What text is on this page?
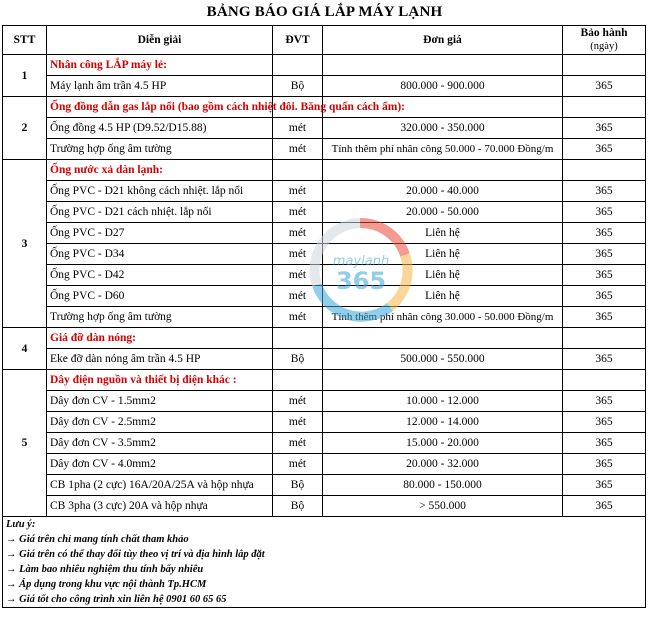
BẢNG BÁO GIÁ LẮP MÁY LẠNH
STT	Diễn giải	ĐVT	Đơn giá	Bảo hành
(ngày)
1	Nhân công LẮP máy lẻ:			
	Máy lạnh âm trần 4.5 HP	Bộ	800.000 - 900.000	365
2	Ống đồng dẫn gas lắp nổi (bao gồm cách nhiệt đôi. Băng quấn cách ẩm):			
	Ống đồng 4.5 HP (D9.52/D15.88)	mét	320.000 - 350.000	365
	Trường hợp ống âm tường	mét	Tính thêm phí nhân công 50.000 - 70.000 Đồng/m	365
3	Ống nước xả dàn lạnh:			
	Ống PVC - D21 không cách nhiệt. lắp nổi	mét	20.000 - 40.000	365
	Ống PVC - D21 cách nhiệt. lắp nổi	mét	20.000 - 50.000	365
	Ống PVC - D27	mét	Liên hệ	365
	Ống PVC - D34	mét	Liên hệ	365
	Ống PVC - D42	mét	Liên hệ	365
	Ống PVC - D60	mét	Liên hệ	365
	Trường hợp ống âm tường	mét	Tính thêm phí nhân công 30.000 - 50.000 Đồng/m	365
4	Giá đỡ dàn nóng:			
	Eke đỡ dàn nóng âm trần 4.5 HP	Bộ	500.000 - 550.000	365
5	Dây điện nguồn và thiết bị điện khác :			
	Dây đơn CV - 1.5mm2	mét	10.000 - 12.000	365
	Dây đơn CV - 2.5mm2	mét	12.000 - 14.000	365
	Dây đơn CV - 3.5mm2	mét	15.000 - 20.000	365
	Dây đơn CV - 4.0mm2	mét	20.000 - 32.000	365
	CB 1pha (2 cực) 16A/20A/25A và hộp nhựa	Bộ	80.000 - 150.000	365
	CB 3pha (3 cực) 20A và hộp nhựa	Bộ	> 550.000	365
Lưu ý:				
→ Giá trên chỉ mang tính chất tham khảo				
→ Giá trên có thể thay đổi tùy theo vị trí và địa hình lắp đặt				
→ Làm bao nhiêu nghiệm thu tính bấy nhiêu				
→ Áp dụng trong khu vực nội thành Tp.HCM				
→ Giá tốt cho công trình xin liên hệ 0901 60 65 65				
maylanh
365
